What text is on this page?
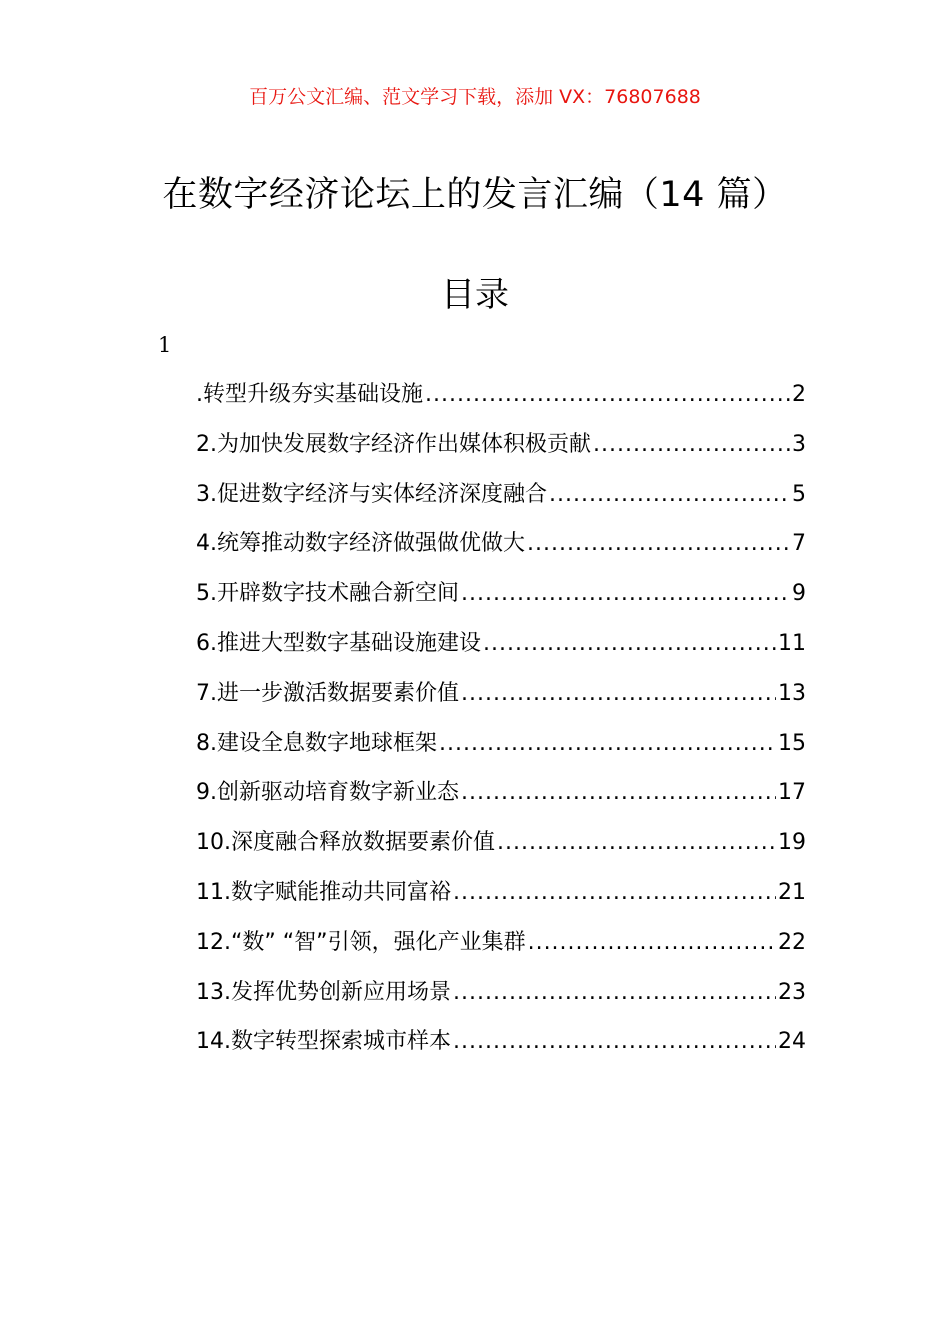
百万公文汇编、范文学习下载，添加 VX：76807688
在数字经济论坛上的发言汇编（14 篇）
目录
1
.转型升级夯实基础设施 .....	2
2.为加快发展数字经济作出媒体积极贡献 .....	3
3.促进数字经济与实体经济深度融合 .....	5
4.统筹推动数字经济做强做优做大 .....	7
5.开辟数字技术融合新空间 .....	9
6.推进大型数字基础设施建设 .....	11
7.进一步激活数据要素价值 .....	13
8.建设全息数字地球框架 .....	15
9.创新驱动培育数字新业态 .....	17
10.深度融合释放数据要素价值 .....	19
11.数字赋能推动共同富裕 .....	21
12.“数” “智”引领，强化产业集群 .....	22
13.发挥优势创新应用场景 .....	23
14.数字转型探索城市样本 .....	24
